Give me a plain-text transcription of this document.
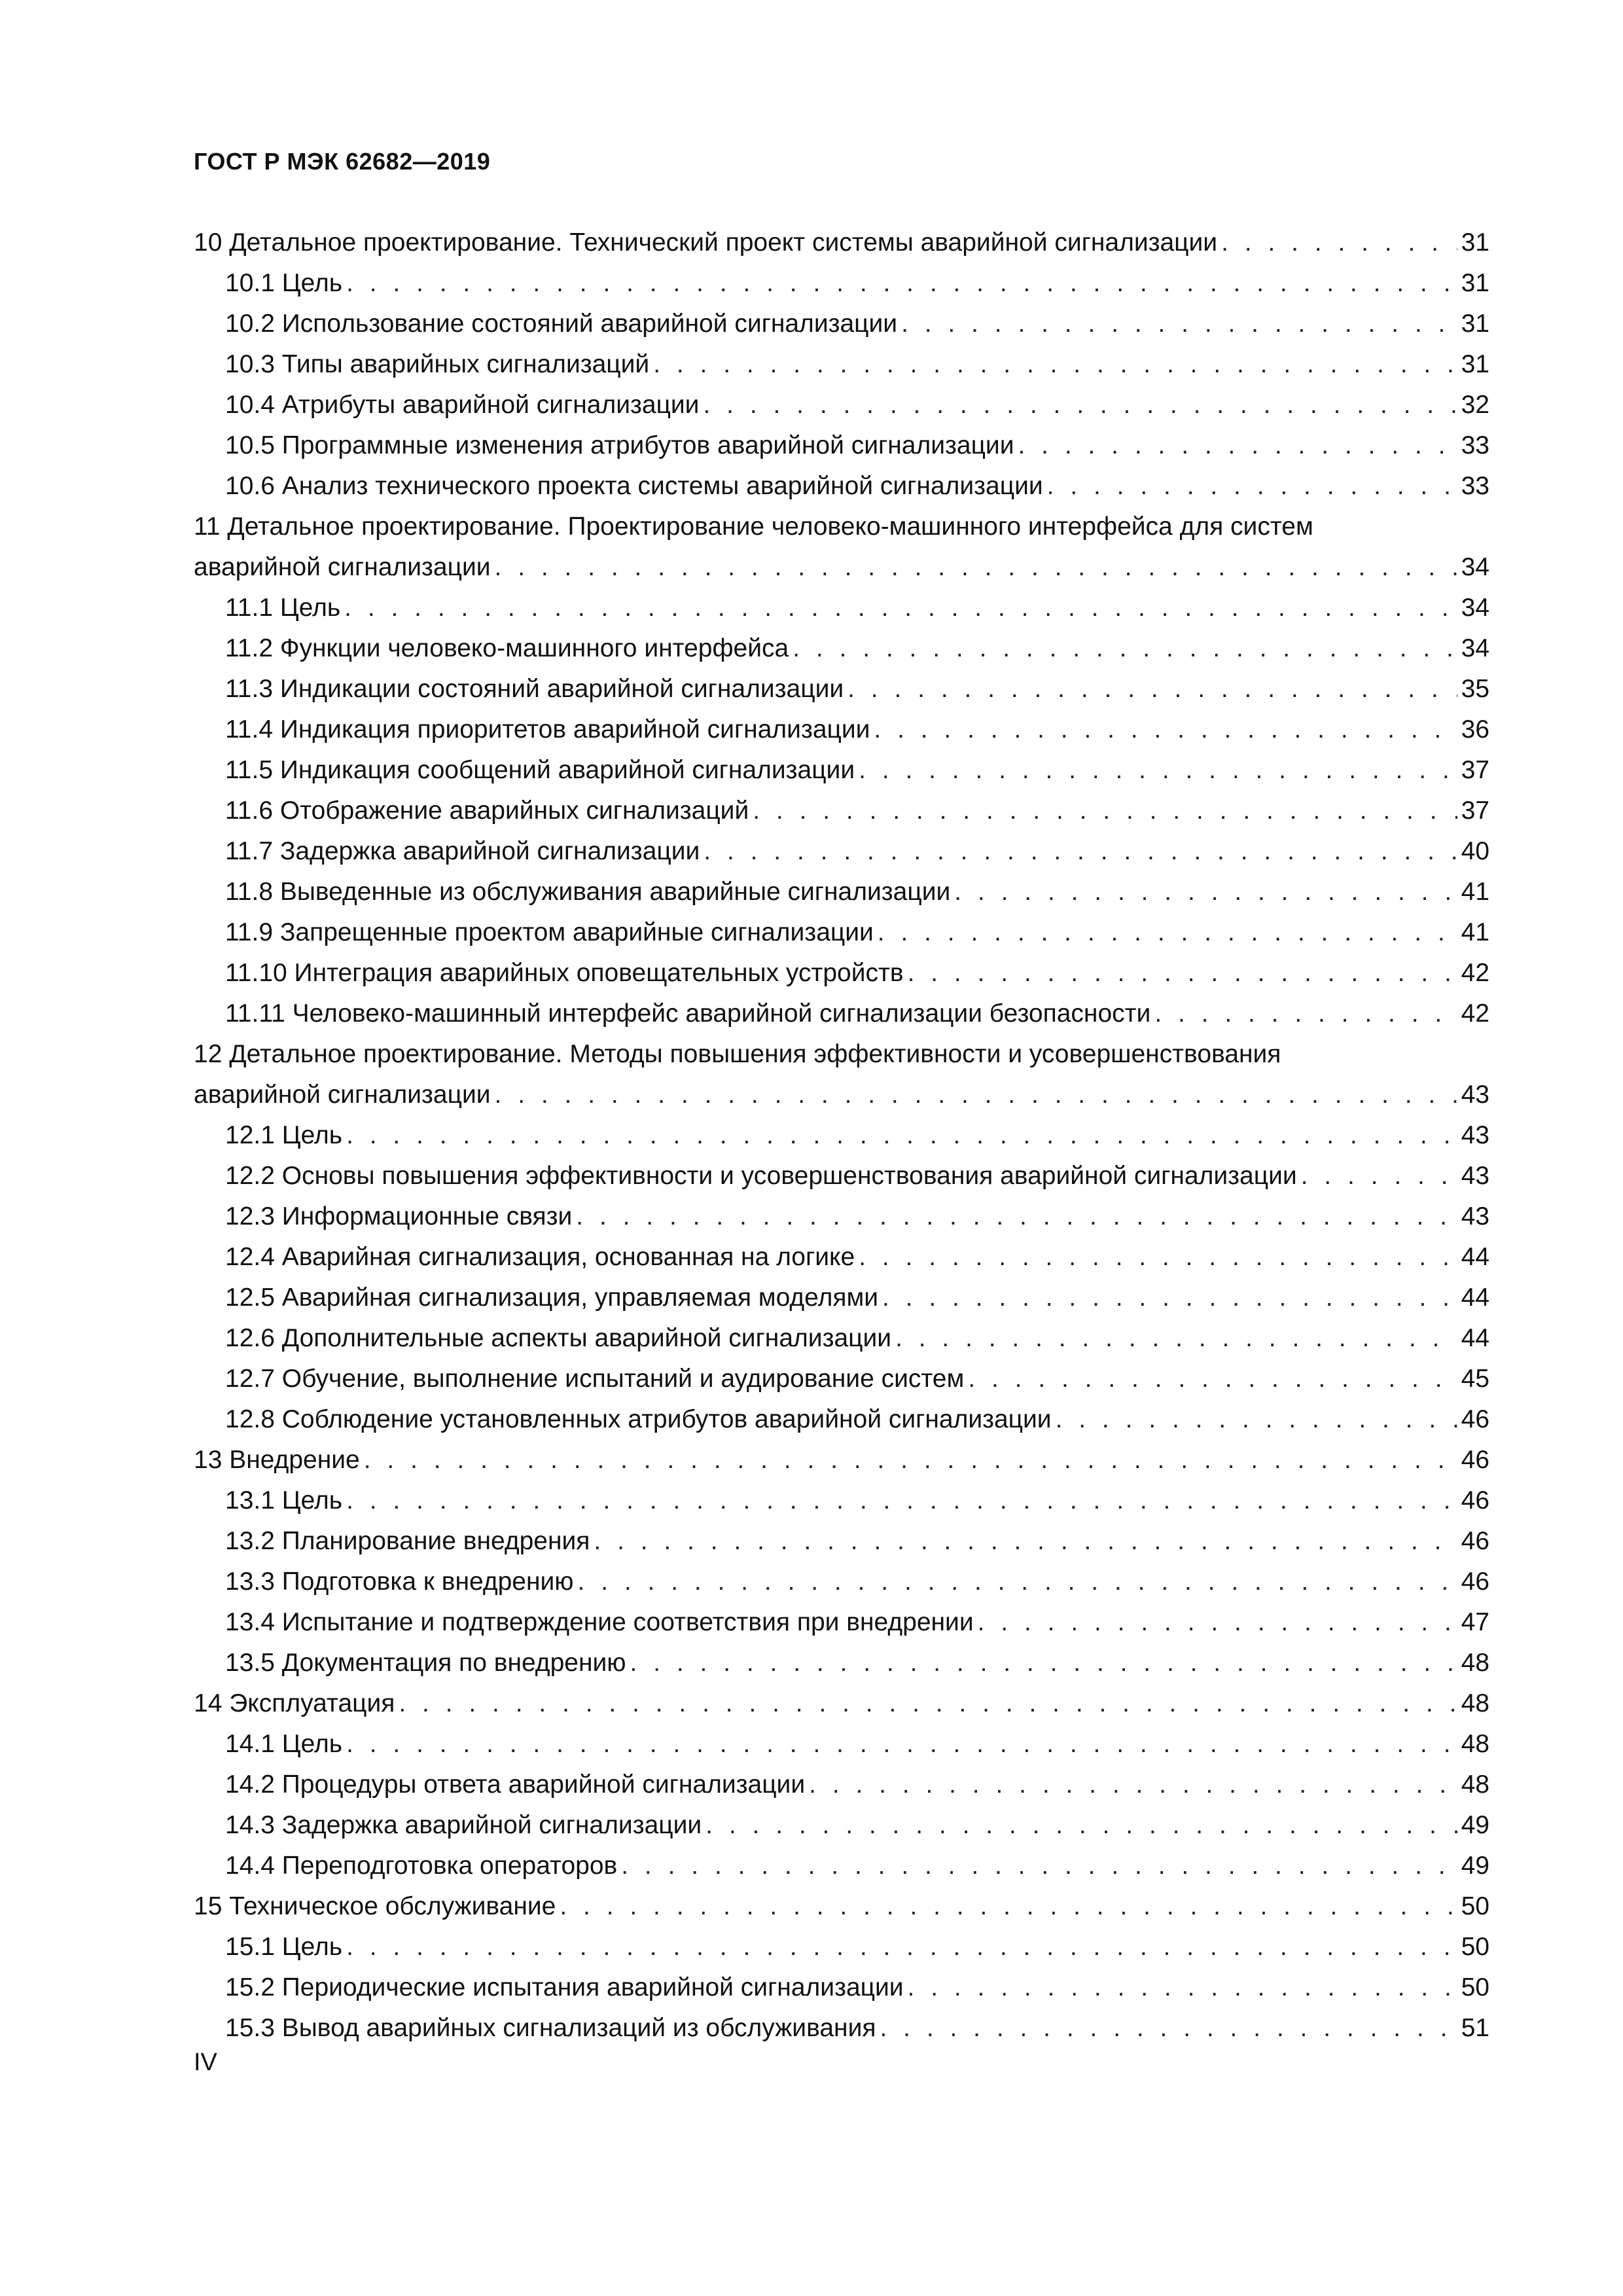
ГОСТ Р МЭК 62682—2019
10 Детальное проектирование. Технический проект системы аварийной сигнализации . . .	31
10.1 Цель . . .	31
10.2 Использование состояний аварийной сигнализации . . .	31
10.3 Типы аварийных сигнализаций . . .	31
10.4 Атрибуты аварийной сигнализации . . .	32
10.5 Программные изменения атрибутов аварийной сигнализации . . .	33
10.6 Анализ технического проекта системы аварийной сигнализации . . .	33
11 Детальное проектирование. Проектирование человеко-машинного интерфейса для систем
аварийной сигнализации . . .	34
11.1 Цель . . .	34
11.2 Функции человеко-машинного интерфейса . . .	34
11.3 Индикации состояний аварийной сигнализации . . .	35
11.4 Индикация приоритетов аварийной сигнализации . . .	36
11.5 Индикация сообщений аварийной сигнализации . . .	37
11.6 Отображение аварийных сигнализаций . . .	37
11.7 Задержка аварийной сигнализации . . .	40
11.8 Выведенные из обслуживания аварийные сигнализации . . .	41
11.9 Запрещенные проектом аварийные сигнализации . . .	41
11.10 Интеграция аварийных оповещательных устройств . . .	42
11.11 Человеко-машинный интерфейс аварийной сигнализации безопасности . . .	42
12 Детальное проектирование. Методы повышения эффективности и усовершенствования
аварийной сигнализации . . .	43
12.1 Цель . . .	43
12.2 Основы повышения эффективности и усовершенствования аварийной сигнализации . . .	43
12.3 Информационные связи . . .	43
12.4 Аварийная сигнализация, основанная на логике . . .	44
12.5 Аварийная сигнализация, управляемая моделями . . .	44
12.6 Дополнительные аспекты аварийной сигнализации . . .	44
12.7 Обучение, выполнение испытаний и аудирование систем . . .	45
12.8 Соблюдение установленных атрибутов аварийной сигнализации . . .	46
13 Внедрение . . .	46
13.1 Цель . . .	46
13.2 Планирование внедрения . . .	46
13.3 Подготовка к внедрению . . .	46
13.4 Испытание и подтверждение соответствия при внедрении . . .	47
13.5 Документация по внедрению . . .	48
14 Эксплуатация . . .	48
14.1 Цель . . .	48
14.2 Процедуры ответа аварийной сигнализации . . .	48
14.3 Задержка аварийной сигнализации . . .	49
14.4 Переподготовка операторов . . .	49
15 Техническое обслуживание . . .	50
15.1 Цель . . .	50
15.2 Периодические испытания аварийной сигнализации . . .	50
15.3 Вывод аварийных сигнализаций из обслуживания . . .	51
IV
